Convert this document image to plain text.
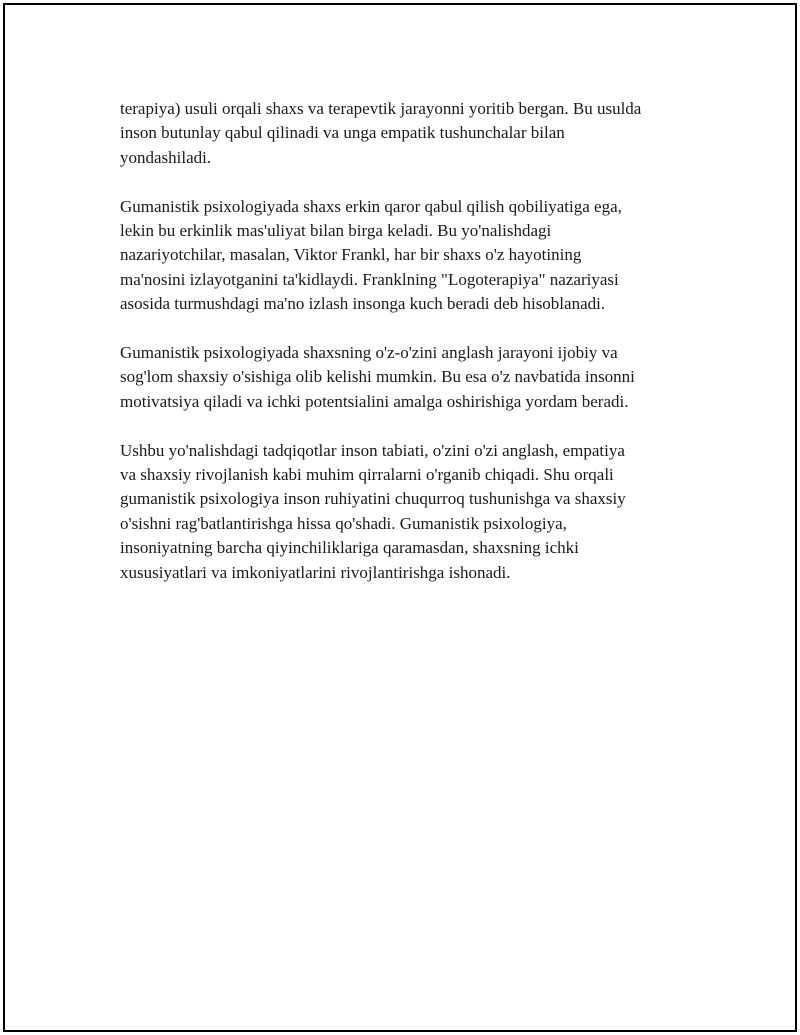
terapiya) usuli orqali shaxs va terapevtik jarayonni yoritib bergan. Bu usulda
inson butunlay qabul qilinadi va unga empatik tushunchalar bilan
yondashiladi.

Gumanistik psixologiyada shaxs erkin qaror qabul qilish qobiliyatiga ega,
lekin bu erkinlik mas'uliyat bilan birga keladi. Bu yo'nalishdagi
nazariyotchilar, masalan, Viktor Frankl, har bir shaxs o'z hayotining
ma'nosini izlayotganini ta'kidlaydi. Franklning "Logoterapiya" nazariyasi
asosida turmushdagi ma'no izlash insonga kuch beradi deb hisoblanadi.

Gumanistik psixologiyada shaxsning o'z-o'zini anglash jarayoni ijobiy va
sog'lom shaxsiy o'sishiga olib kelishi mumkin. Bu esa o'z navbatida insonni
motivatsiya qiladi va ichki potentsialini amalga oshirishiga yordam beradi.

Ushbu yo'nalishdagi tadqiqotlar inson tabiati, o'zini o'zi anglash, empatiya
va shaxsiy rivojlanish kabi muhim qirralarni o'rganib chiqadi. Shu orqali
gumanistik psixologiya inson ruhiyatini chuqurroq tushunishga va shaxsiy
o'sishni rag'batlantirishga hissa qo'shadi. Gumanistik psixologiya,
insoniyatning barcha qiyinchiliklariga qaramasdan, shaxsning ichki
xususiyatlari va imkoniyatlarini rivojlantirishga ishonadi.
